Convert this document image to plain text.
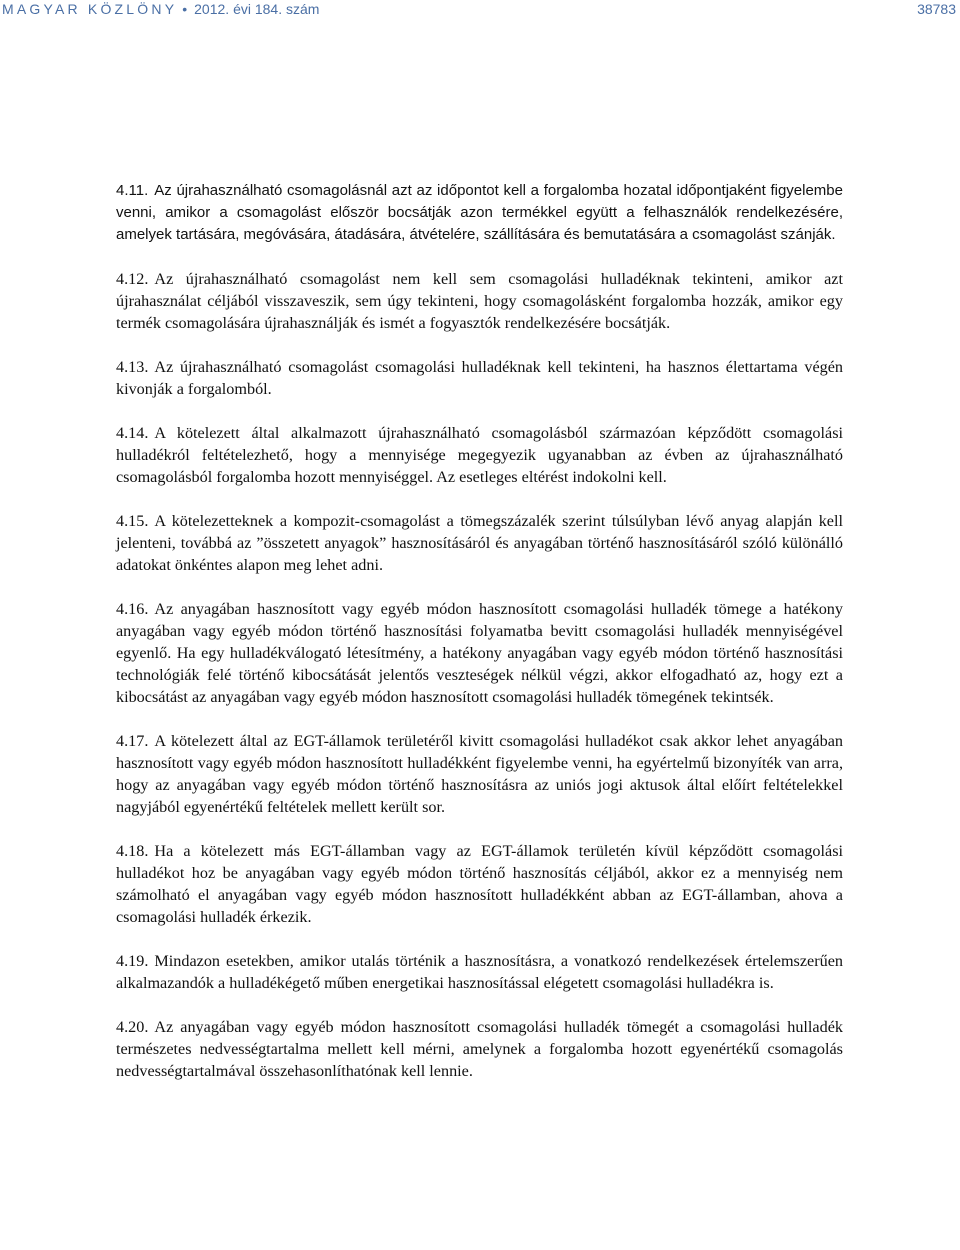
MAGYAR KÖZLÖNY • 2012. évi 184. szám	38783

4.11. Az újrahasználható csomagolásnál azt az időpontot kell a forgalomba hozatal időpontjaként figyelembe venni, amikor a csomagolást először bocsátják azon termékkel együtt a felhasználók rendelkezésére, amelyek tartására, megóvására, átadására, átvételére, szállítására és bemutatására a csomagolást szánják.

4.12. Az újrahasználható csomagolást nem kell sem csomagolási hulladéknak tekinteni, amikor azt újrahasználat céljából visszaveszik, sem úgy tekinteni, hogy csomagolásként forgalomba hozzák, amikor egy termék csomagolására újrahasználják és ismét a fogyasztók rendelkezésére bocsátják.

4.13. Az újrahasználható csomagolást csomagolási hulladéknak kell tekinteni, ha hasznos élettartama végén kivonják a forgalomból.

4.14. A kötelezett által alkalmazott újrahasználható csomagolásból származóan képződött csomagolási hulladékról feltételezhető, hogy a mennyisége megegyezik ugyanabban az évben az újrahasználható csomagolásból forgalomba hozott mennyiséggel. Az esetleges eltérést indokolni kell.

4.15. A kötelezetteknek a kompozit-csomagolást a tömegszázalék szerint túlsúlyban lévő anyag alapján kell jelenteni, továbbá az ”összetett anyagok” hasznosításáról és anyagában történő hasznosításáról szóló különálló adatokat önkéntes alapon meg lehet adni.

4.16. Az anyagában hasznosított vagy egyéb módon hasznosított csomagolási hulladék tömege a hatékony anyagában vagy egyéb módon történő hasznosítási folyamatba bevitt csomagolási hulladék mennyiségével egyenlő. Ha egy hulladékválogató létesítmény, a hatékony anyagában vagy egyéb módon történő hasznosítási technológiák felé történő kibocsátását jelentős veszteségek nélkül végzi, akkor elfogadható az, hogy ezt a kibocsátást az anyagában vagy egyéb módon hasznosított csomagolási hulladék tömegének tekintsék.

4.17. A kötelezett által az EGT-államok területéről kivitt csomagolási hulladékot csak akkor lehet anyagában hasznosított vagy egyéb módon hasznosított hulladékként figyelembe venni, ha egyértelmű bizonyíték van arra, hogy az anyagában vagy egyéb módon történő hasznosításra az uniós jogi aktusok által előírt feltételekkel nagyjából egyenértékű feltételek mellett került sor.

4.18. Ha a kötelezett más EGT-államban vagy az EGT-államok területén kívül képződött csomagolási hulladékot hoz be anyagában vagy egyéb módon történő hasznosítás céljából, akkor ez a mennyiség nem számolható el anyagában vagy egyéb módon hasznosított hulladékként abban az EGT-államban, ahova a csomagolási hulladék érkezik.

4.19. Mindazon esetekben, amikor utalás történik a hasznosításra, a vonatkozó rendelkezések értelemszerűen alkalmazandók a hulladékégető műben energetikai hasznosítással elégetett csomagolási hulladékra is.

4.20. Az anyagában vagy egyéb módon hasznosított csomagolási hulladék tömegét a csomagolási hulladék természetes nedvességtartalma mellett kell mérni, amelynek a forgalomba hozott egyenértékű csomagolás nedvességtartalmával összehasonlíthatónak kell lennie.
